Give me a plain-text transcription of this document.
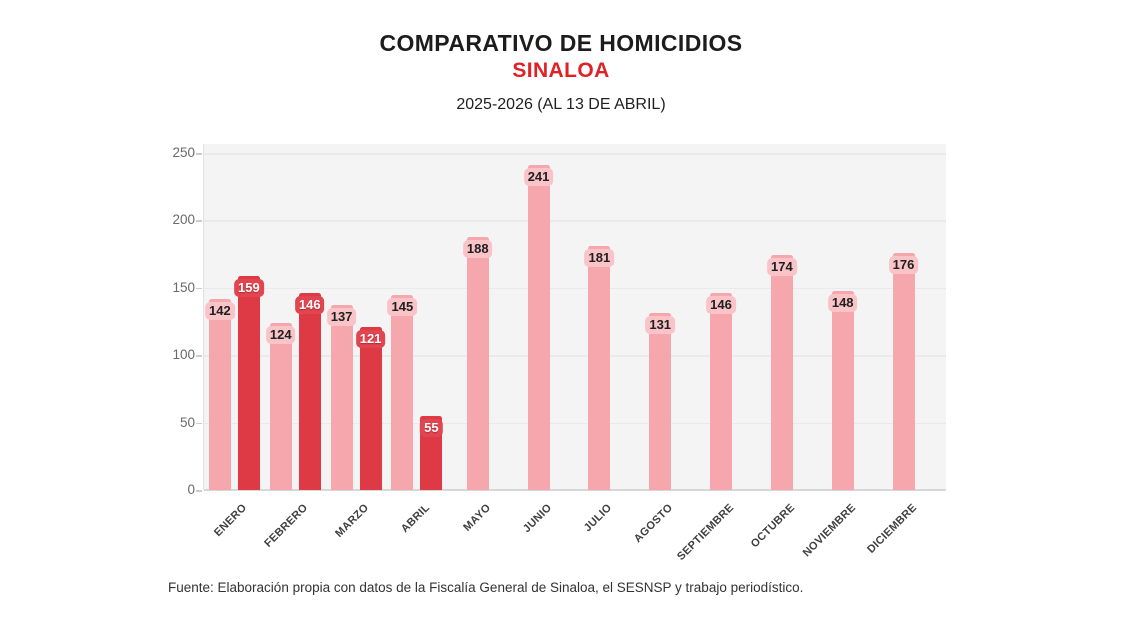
COMPARATIVO DE HOMICIDIOS
SINALOA
2025-2026 (AL 13 DE ABRIL)
142
159
124
146
137
121
145
55
188
241
181
131
146
174
148
176
0
50
100
150
200
250
ENERO	FEBRERO	MARZO	ABRIL	MAYO	JUNIO	JULIO	AGOSTO SEPTIEMBRE	OCTUBRE NOVIEMBRE DICIEMBRE
Fuente: Elaboración propia con datos de la Fiscalía General de Sinaloa, el SESNSP y trabajo periodístico.
